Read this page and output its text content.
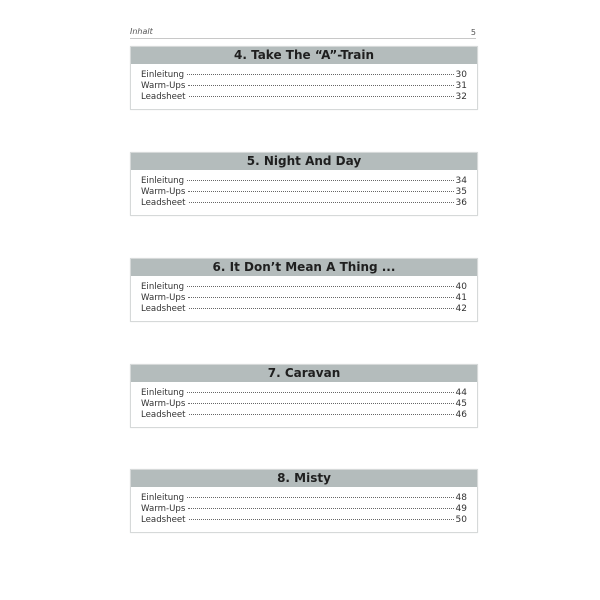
Inhalt	5
4. Take The “A”-Train
Einleitung	30
Warm-Ups	31
Leadsheet	32
5. Night And Day
Einleitung	34
Warm-Ups	35
Leadsheet	36
6. It Don’t Mean A Thing ...
Einleitung	40
Warm-Ups	41
Leadsheet	42
7. Caravan
Einleitung	44
Warm-Ups	45
Leadsheet	46
8. Misty
Einleitung	48
Warm-Ups	49
Leadsheet	50
